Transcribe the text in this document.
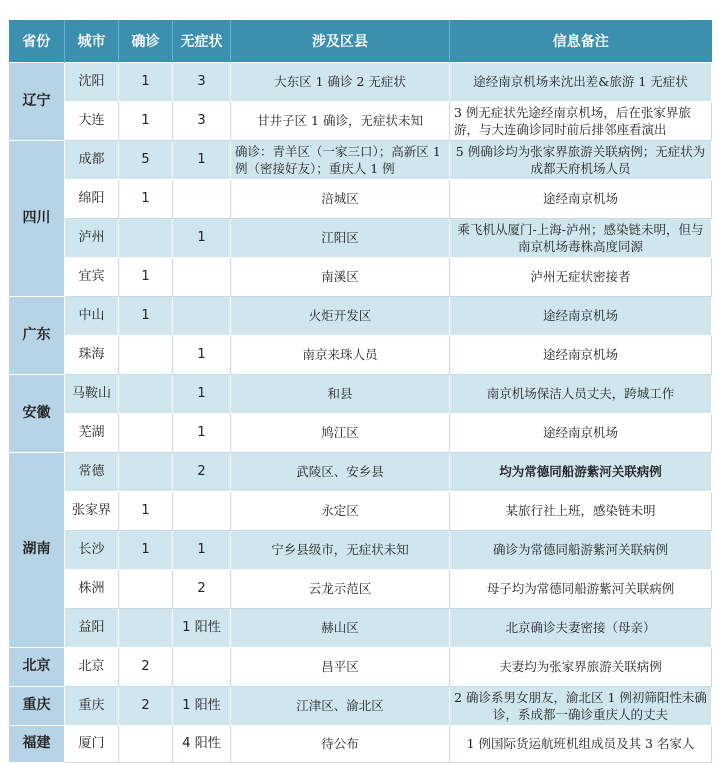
省份	城市	确诊	无症状	涉及区县	信息备注
辽宁	沈阳	1	3	大东区 1 确诊 2 无症状	途经南京机场来沈出差&旅游 1 无症状
	大连	1	3	甘井子区 1 确诊，无症状未知	3 例无症状先途经南京机场，后在张家界旅游，与大连确诊同时前后排邻座看演出
四川	成都	5	1	确诊：青羊区（一家三口）；高新区 1 例（密接好友）；重庆人 1 例	5 例确诊均为张家界旅游关联病例；无症状为成都天府机场人员
	绵阳	1		涪城区	途经南京机场
	泸州		1	江阳区	乘飞机从厦门-上海-泸州；感染链未明，但与南京机场毒株高度同源
	宜宾	1		南溪区	泸州无症状密接者
广东	中山	1		火炬开发区	途经南京机场
	珠海		1	南京来珠人员	途经南京机场
安徽	马鞍山		1	和县	南京机场保洁人员丈夫，跨城工作
	芜湖		1	鸠江区	途经南京机场
湖南	常德		2	武陵区、安乡县	均为常德同船游紫河关联病例
	张家界	1		永定区	某旅行社上班，感染链未明
	长沙	1	1	宁乡县级市，无症状未知	确诊为常德同船游紫河关联病例
	株洲		2	云龙示范区	母子均为常德同船游紫河关联病例
	益阳		1 阳性	赫山区	北京确诊夫妻密接（母亲）
北京	北京	2		昌平区	夫妻均为张家界旅游关联病例
重庆	重庆	2	1 阳性	江津区、渝北区	2 确诊系男女朋友，渝北区 1 例初筛阳性未确诊，系成都一确诊重庆人的丈夫
福建	厦门		4 阳性	待公布	1 例国际货运航班机组成员及其 3 名家人
